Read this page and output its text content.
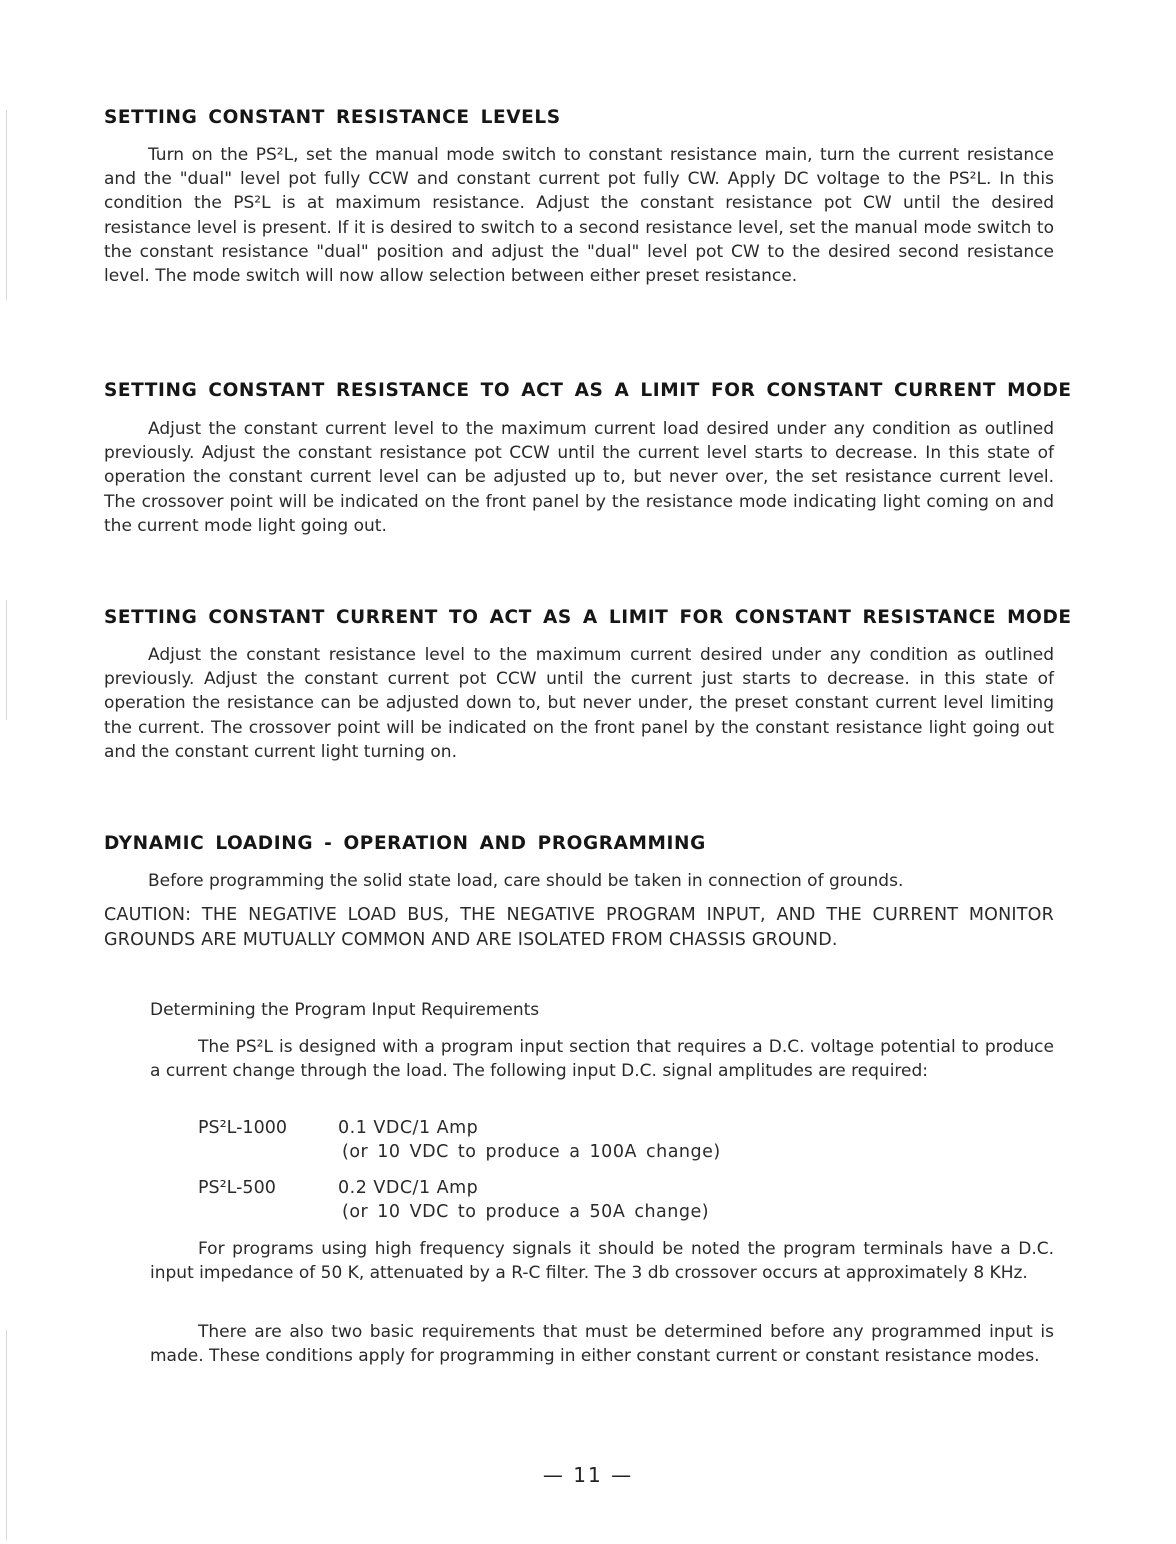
SETTING CONSTANT RESISTANCE LEVELS

Turn on the PS²L, set the manual mode switch to constant resistance main, turn the current resistance and the "dual" level pot fully CCW and constant current pot fully CW. Apply DC voltage to the PS²L. In this condition the PS²L is at maximum resistance. Adjust the constant resistance pot CW until the desired resistance level is present. If it is desired to switch to a second resistance level, set the manual mode switch to the constant resistance "dual" position and adjust the "dual" level pot CW to the desired second resistance level. The mode switch will now allow selection between either preset resistance.

SETTING CONSTANT RESISTANCE TO ACT AS A LIMIT FOR CONSTANT CURRENT MODE

Adjust the constant current level to the maximum current load desired under any condition as outlined previously. Adjust the constant resistance pot CCW until the current level starts to decrease. In this state of operation the constant current level can be adjusted up to, but never over, the set resistance current level. The crossover point will be indicated on the front panel by the resistance mode indicating light coming on and the current mode light going out.

SETTING CONSTANT CURRENT TO ACT AS A LIMIT FOR CONSTANT RESISTANCE MODE

Adjust the constant resistance level to the maximum current desired under any condition as outlined previously. Adjust the constant current pot CCW until the current just starts to decrease. in this state of operation the resistance can be adjusted down to, but never under, the preset constant current level limiting the current. The crossover point will be indicated on the front panel by the constant resistance light going out and the constant current light turning on.

DYNAMIC LOADING - OPERATION AND PROGRAMMING

Before programming the solid state load, care should be taken in connection of grounds.

CAUTION: THE NEGATIVE LOAD BUS, THE NEGATIVE PROGRAM INPUT, AND THE CURRENT MONITOR GROUNDS ARE MUTUALLY COMMON AND ARE ISOLATED FROM CHASSIS GROUND.

Determining the Program Input Requirements

The PS²L is designed with a program input section that requires a D.C. voltage potential to produce a current change through the load. The following input D.C. signal amplitudes are required:

PS²L-1000	0.1 VDC/1 Amp
(or 10 VDC to produce a 100A change)
PS²L-500	0.2 VDC/1 Amp
(or 10 VDC to produce a 50A change)

For programs using high frequency signals it should be noted the program terminals have a D.C. input impedance of 50 K, attenuated by a R-C filter. The 3 db crossover occurs at approximately 8 KHz.

There are also two basic requirements that must be determined before any programmed input is made. These conditions apply for programming in either constant current or constant resistance modes.

— 11 —
